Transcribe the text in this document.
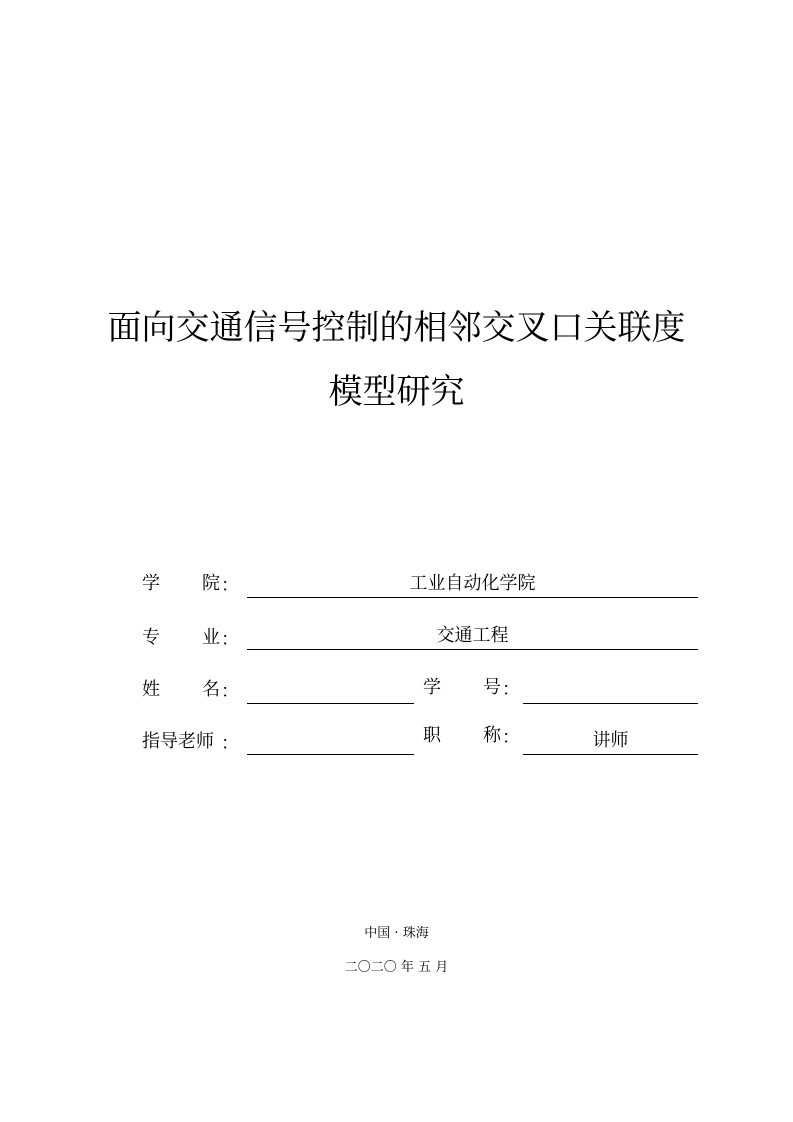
面向交通信号控制的相邻交叉口关联度
模型研究
学 院 ：	工业自动化学院
专 业 ：	交通工程
姓 名 ：	学 号 ：
指导老师 ：	职 称 ：	讲师
中国 · 珠海
二〇二〇 年 五 月
